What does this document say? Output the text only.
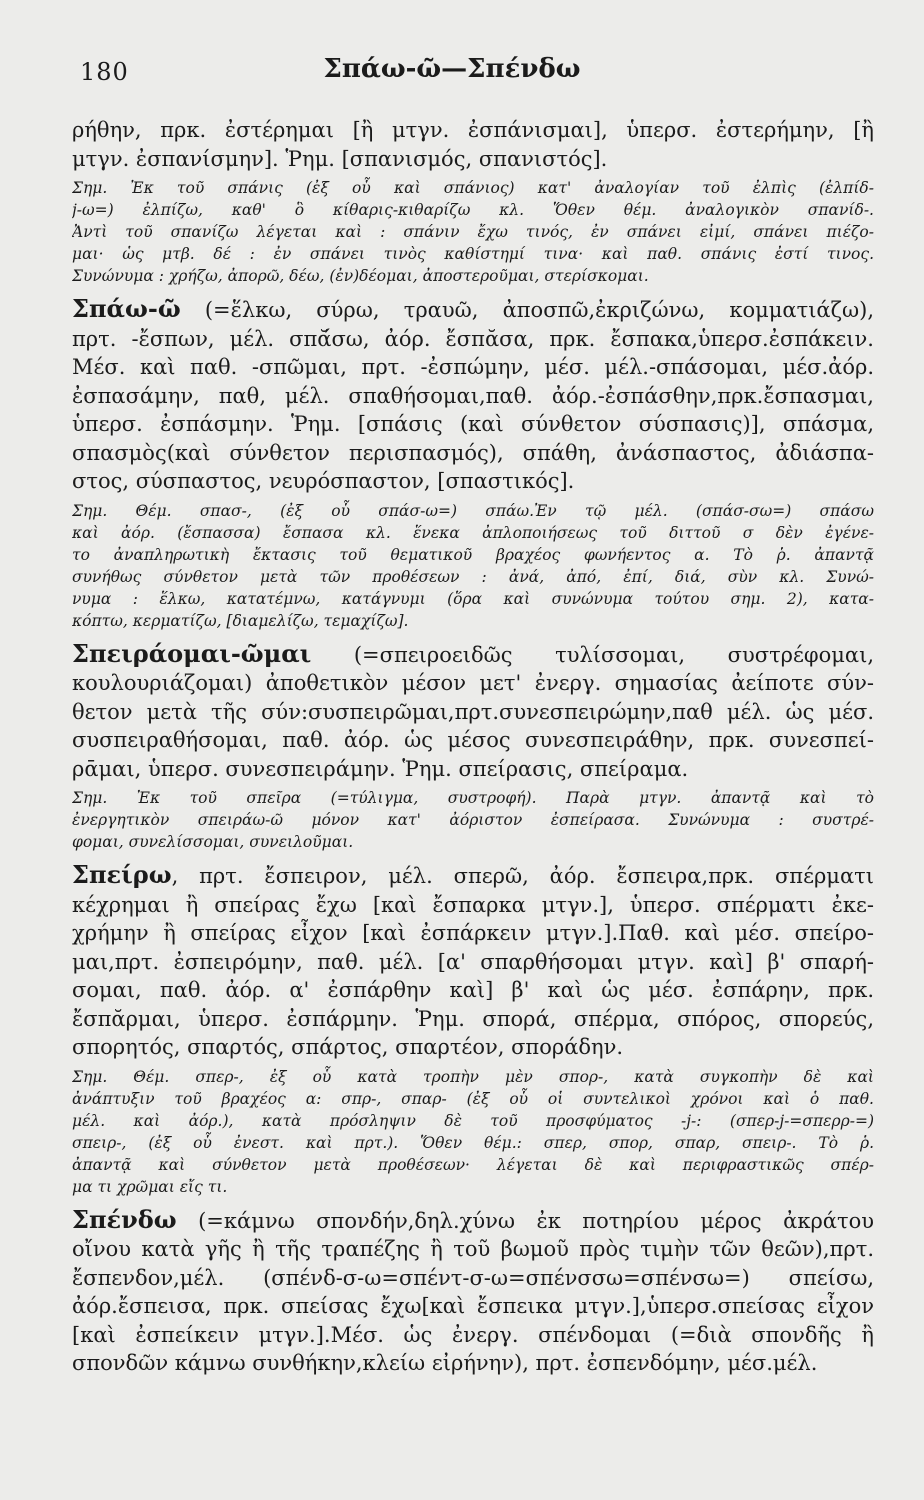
180	Σπάω-ῶ—Σπένδω
ρήθην, πρκ. ἐστέρημαι [ἢ μτγν. ἐσπάνισμαι], ὑπερσ. ἐστερήμην, [ἢ
μτγν. ἐσπανίσμην]. Ῥημ. [σπανισμός, σπανιστός].
Σημ. Ἐκ τοῦ σπάνις (ἐξ οὗ καὶ σπάνιος) κατ' ἀναλογίαν τοῦ ἐλπὶς (ἐλπίδ-
j-ω=) ἐλπίζω, καθ' ὃ κίθαρις-κιθαρίζω κλ. Ὅθεν θέμ. ἀναλογικὸν σπανίδ-.
Ἀντὶ τοῦ σπανίζω λέγεται καὶ : σπάνιν ἔχω τινός, ἐν σπάνει εἰμί, σπάνει πιέζο-
μαι· ὡς μτβ. δέ : ἐν σπάνει τινὸς καθίστημί τινα· καὶ παθ. σπάνις ἐστί τινος.
Συνώνυμα : χρήζω, ἀπορῶ, δέω, (ἐν)δέομαι, ἀποστεροῦμαι, στερίσκομαι.
Σπάω-ῶ (=ἕλκω, σύρω, τραυῶ, ἀποσπῶ,ἐκριζώνω, κομματιάζω),
πρτ. -ἔσπων, μέλ. σπᾰ́σω, ἀόρ. ἔσπᾰσα, πρκ. ἔσπακα,ὑπερσ.ἐσπάκειν.
Μέσ. καὶ παθ. -σπῶμαι, πρτ. -ἐσπώμην, μέσ. μέλ.-σπάσομαι, μέσ.ἀόρ.
ἐσπασάμην, παθ, μέλ. σπαθήσομαι,παθ. ἀόρ.-ἐσπάσθην,πρκ.ἔσπασμαι,
ὑπερσ. ἐσπάσμην. Ῥημ. [σπάσις (καὶ σύνθετον σύσπασις)], σπάσμα,
σπασμὸς(καὶ σύνθετον περισπασμός), σπάθη, ἀνάσπαστος, ἀδιάσπα-
στος, σύσπαστος, νευρόσπαστον, [σπαστικός].
Σημ. Θέμ. σπασ-, (ἐξ οὗ σπάσ-ω=) σπάω.Ἐν τῷ μέλ. (σπάσ-σω=) σπάσω
καὶ ἀόρ. (ἔσπασσα) ἔσπασα κλ. ἕνεκα ἀπλοποιήσεως τοῦ διττοῦ σ δὲν ἐγένε-
το ἀναπληρωτικὴ ἔκτασις τοῦ θεματικοῦ βραχέος φωνήεντος α. Τὸ ῥ. ἀπαντᾷ
συνήθως σύνθετον μετὰ τῶν προθέσεων : ἀνά, ἀπό, ἐπί, διά, σὺν κλ. Συνώ-
νυμα : ἕλκω, κατατέμνω, κατάγνυμι (ὅρα καὶ συνώνυμα τούτου σημ. 2), κατα-
κόπτω, κερματίζω, [διαμελίζω, τεμαχίζω].
Σπειράομαι-ῶμαι (=σπειροειδῶς τυλίσσομαι, συστρέφομαι,
κουλουριάζομαι) ἀποθετικὸν μέσον μετ' ἐνεργ. σημασίας ἀείποτε σύν-
θετον μετὰ τῆς σύν:συσπειρῶμαι,πρτ.συνεσπειρώμην,παθ μέλ. ὡς μέσ.
συσπειραθήσομαι, παθ. ἀόρ. ὡς μέσος συνεσπειράθην, πρκ. συνεσπεί-
ρᾱμαι, ὑπερσ. συνεσπειράμην. Ῥημ. σπείρασις, σπείραμα.
Σημ. Ἐκ τοῦ σπεῖρα (=τύλιγμα, συστροφή). Παρὰ μτγν. ἀπαντᾷ καὶ τὸ
ἐνεργητικὸν σπειράω-ῶ μόνον κατ' ἀόριστον ἐσπείρασα. Συνώνυμα : συστρέ-
φομαι, συνελίσσομαι, συνειλοῦμαι.
Σπείρω, πρτ. ἔσπειρον, μέλ. σπερῶ, ἀόρ. ἔσπειρα,πρκ. σπέρματι
κέχρημαι ἢ σπείρας ἔχω [καὶ ἔσπαρκα μτγν.], ὑπερσ. σπέρματι ἐκε-
χρήμην ἢ σπείρας εἶχον [καὶ ἐσπάρκειν μτγν.].Παθ. καὶ μέσ. σπείρο-
μαι,πρτ. ἐσπειρόμην, παθ. μέλ. [α' σπαρθήσομαι μτγν. καὶ] β' σπαρή-
σομαι, παθ. ἀόρ. α' ἐσπάρθην καὶ] β' καὶ ὡς μέσ. ἐσπάρην, πρκ.
ἔσπᾰρμαι, ὑπερσ. ἐσπάρμην. Ῥημ. σπορά, σπέρμα, σπόρος, σπορεύς,
σπορητός, σπαρτός, σπάρτος, σπαρτέον, σποράδην.
Σημ. Θέμ. σπερ-, ἐξ οὗ κατὰ τροπὴν μὲν σπορ-, κατὰ συγκοπὴν δὲ καὶ
ἀνάπτυξιν τοῦ βραχέος α: σπρ-, σπαρ- (ἐξ οὗ οἱ συντελικοὶ χρόνοι καὶ ὁ παθ.
μέλ. καὶ ἀόρ.), κατὰ πρόσληψιν δὲ τοῦ προσφύματος -j-: (σπερ-j-=σπερρ-=)
σπειρ-, (ἐξ οὗ ἐνεστ. καὶ πρτ.). Ὅθεν θέμ.: σπερ, σπορ, σπαρ, σπειρ-. Τὸ ῥ.
ἀπαντᾷ καὶ σύνθετον μετὰ προθέσεων· λέγεται δὲ καὶ περιφραστικῶς σπέρ-
μα τι χρῶμαι εἴς τι.
Σπένδω (=κάμνω σπονδήν,δηλ.χύνω ἐκ ποτηρίου μέρος ἀκράτου
οἴνου κατὰ γῆς ἢ τῆς τραπέζης ἢ τοῦ βωμοῦ πρὸς τιμὴν τῶν θεῶν),πρτ.
ἔσπενδον,μέλ. (σπένδ-σ-ω=σπέντ-σ-ω=σπένσσω=σπένσω=) σπείσω,
ἀόρ.ἔσπεισα, πρκ. σπείσας ἔχω[καὶ ἔσπεικα μτγν.],ὑπερσ.σπείσας εἶχον
[καὶ ἐσπείκειν μτγν.].Μέσ. ὡς ἐνεργ. σπένδομαι (=διὰ σπονδῆς ἢ
σπονδῶν κάμνω συνθήκην,κλείω εἰρήνην), πρτ. ἐσπενδόμην, μέσ.μέλ.
